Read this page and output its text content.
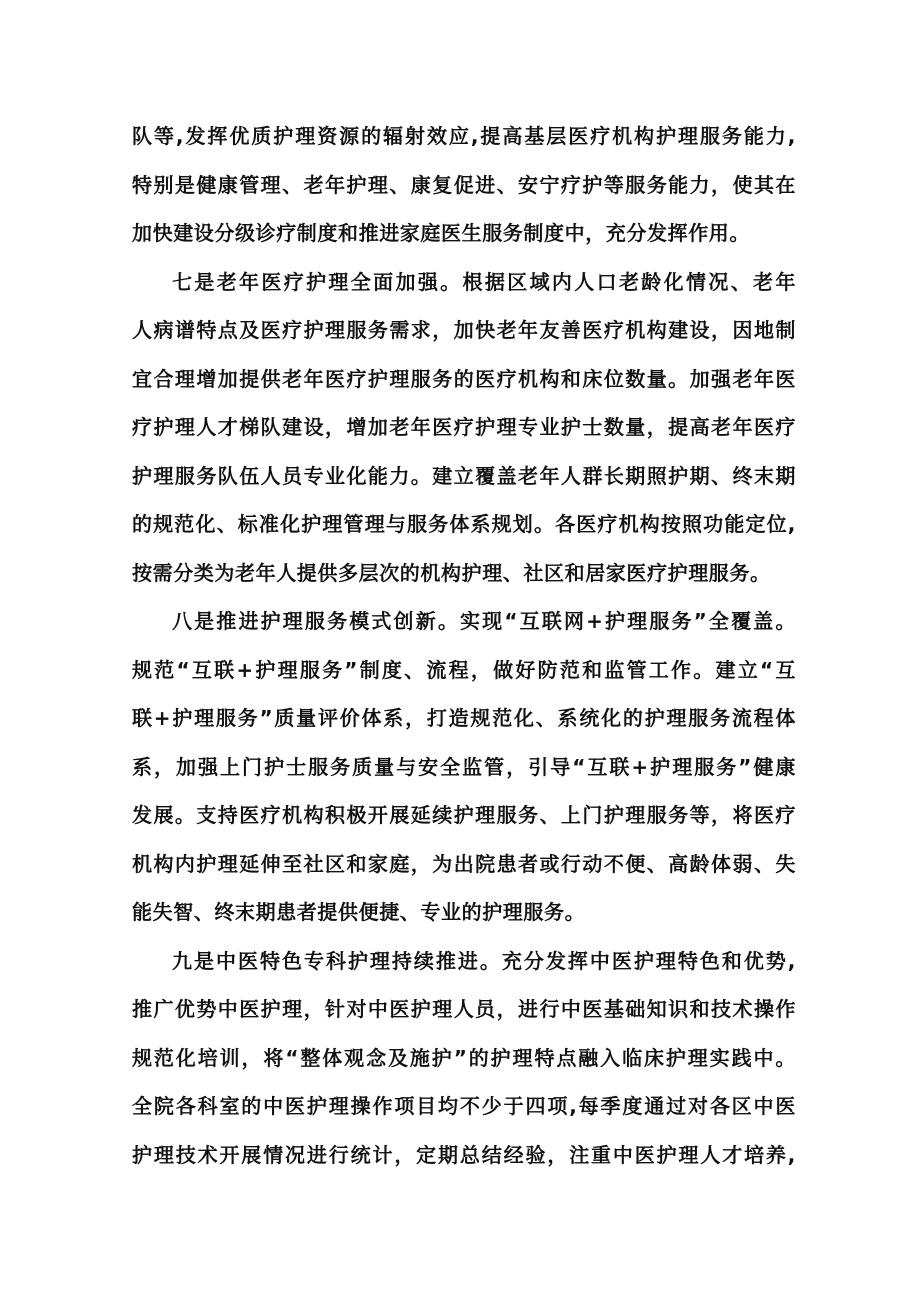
队等,发挥优质护理资源的辐射效应,提高基层医疗机构护理服务能力,
特别是健康管理、老年护理、康复促进、安宁疗护等服务能力，使其在
加快建设分级诊疗制度和推进家庭医生服务制度中，充分发挥作用。
七是老年医疗护理全面加强。根据区域内人口老龄化情况、老年
人病谱特点及医疗护理服务需求，加快老年友善医疗机构建设，因地制
宜合理增加提供老年医疗护理服务的医疗机构和床位数量。加强老年医
疗护理人才梯队建设，增加老年医疗护理专业护士数量，提高老年医疗
护理服务队伍人员专业化能力。建立覆盖老年人群长期照护期、终末期
的规范化、标准化护理管理与服务体系规划。各医疗机构按照功能定位,
按需分类为老年人提供多层次的机构护理、社区和居家医疗护理服务。
八是推进护理服务模式创新。实现“互联网+护理服务”全覆盖。
规范“互联+护理服务”制度、流程，做好防范和监管工作。建立“互
联+护理服务”质量评价体系，打造规范化、系统化的护理服务流程体
系，加强上门护士服务质量与安全监管，引导“互联+护理服务”健康
发展。支持医疗机构积极开展延续护理服务、上门护理服务等，将医疗
机构内护理延伸至社区和家庭，为出院患者或行动不便、高龄体弱、失
能失智、终末期患者提供便捷、专业的护理服务。
九是中医特色专科护理持续推进。充分发挥中医护理特色和优势,
推广优势中医护理，针对中医护理人员，进行中医基础知识和技术操作
规范化培训，将“整体观念及施护”的护理特点融入临床护理实践中。
全院各科室的中医护理操作项目均不少于四项,每季度通过对各区中医
护理技术开展情况进行统计，定期总结经验，注重中医护理人才培养,
